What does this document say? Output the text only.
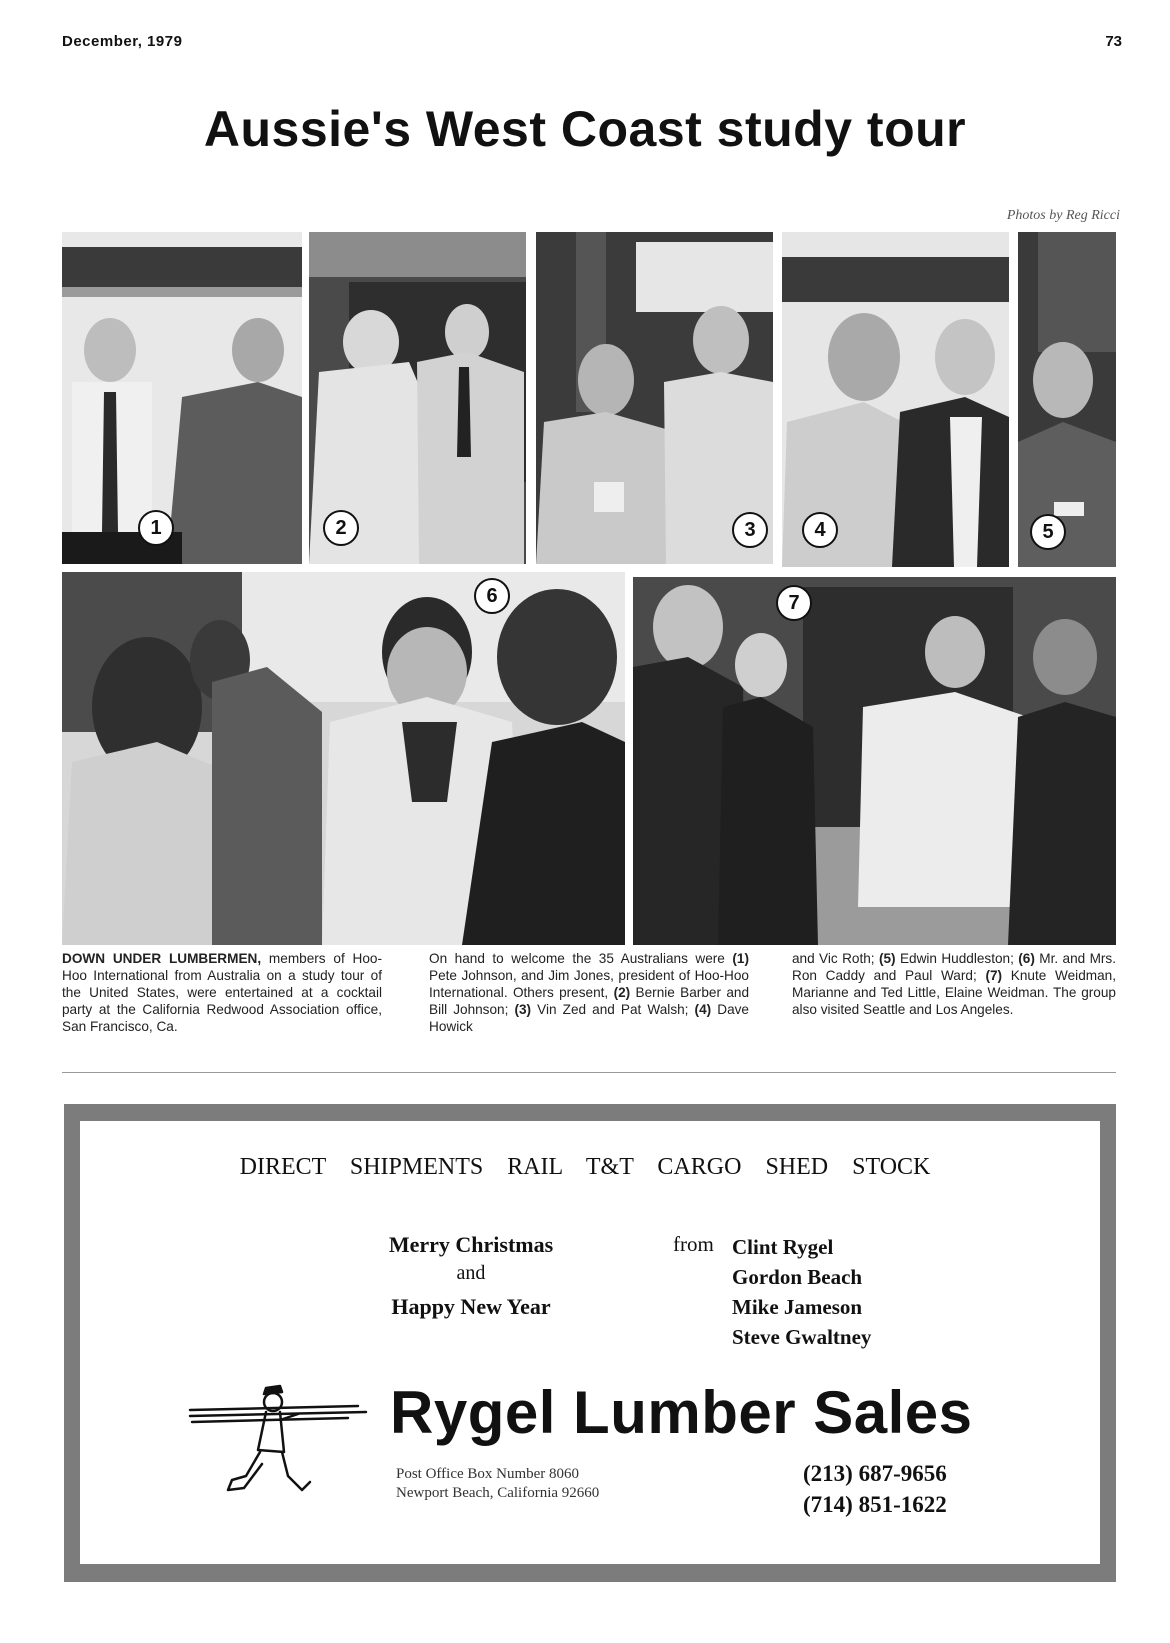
December, 1979	73
Aussie's West Coast study tour
Photos by Reg Ricci
1	2	3	4	5
6	7
DOWN UNDER LUMBERMEN, members of Hoo-Hoo International from Australia on a study tour of the United States, were entertained at a cocktail party at the California Redwood Association office, San Francisco, Ca.
On hand to welcome the 35 Australians were (1) Pete Johnson, and Jim Jones, president of Hoo-Hoo International. Others present, (2) Bernie Barber and Bill Johnson; (3) Vin Zed and Pat Walsh; (4) Dave Howick
and Vic Roth; (5) Edwin Huddleston; (6) Mr. and Mrs. Ron Caddy and Paul Ward; (7) Knute Weidman, Marianne and Ted Little, Elaine Weidman. The group also visited Seattle and Los Angeles.
DIRECT SHIPMENTS RAIL T&T CARGO SHED STOCK
Merry Christmas
and
Happy New Year
from Clint Rygel
Gordon Beach
Mike Jameson
Steve Gwaltney
Rygel Lumber Sales
Post Office Box Number 8060
Newport Beach, California 92660
(213) 687-9656
(714) 851-1622
